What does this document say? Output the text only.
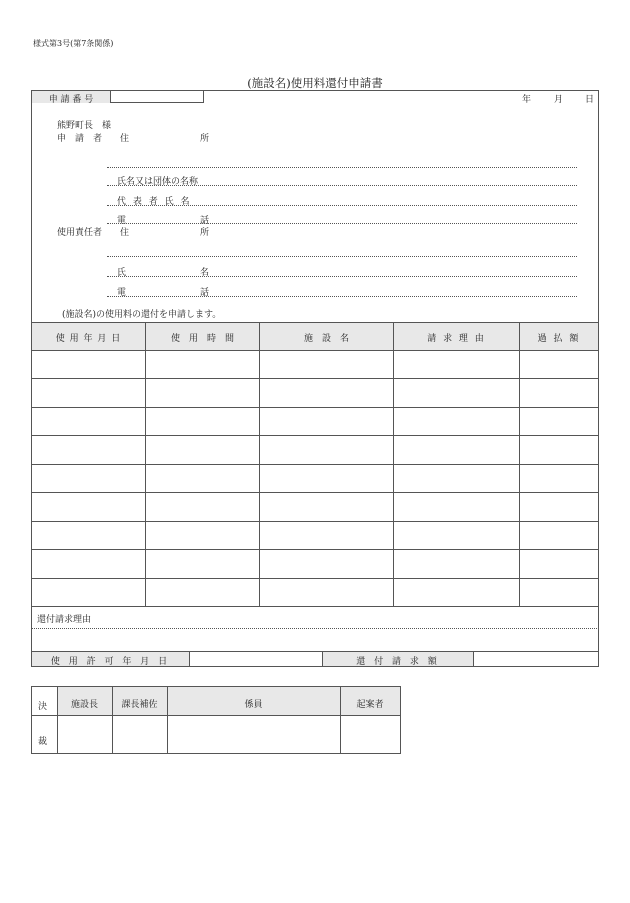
様式第3号(第7条関係)
(施設名)使用料還付申請書
申 請 番 号	年	月 日
熊野町長　様
申　請　者 住	所
氏名又は団体の名称
代 表 者 氏 名
電	話
使用責任者 住	所
氏	名
電	話
(施設名)の使用料の還付を申請します。
使 用 年 月 日	使　用　時　間	施　設　名	請 求 理 由	過 払 額
還付請求理由
使 用 許 可 年 月 日	還 付 請 求 額
決
裁
施設長	課長補佐	係員	起案者
